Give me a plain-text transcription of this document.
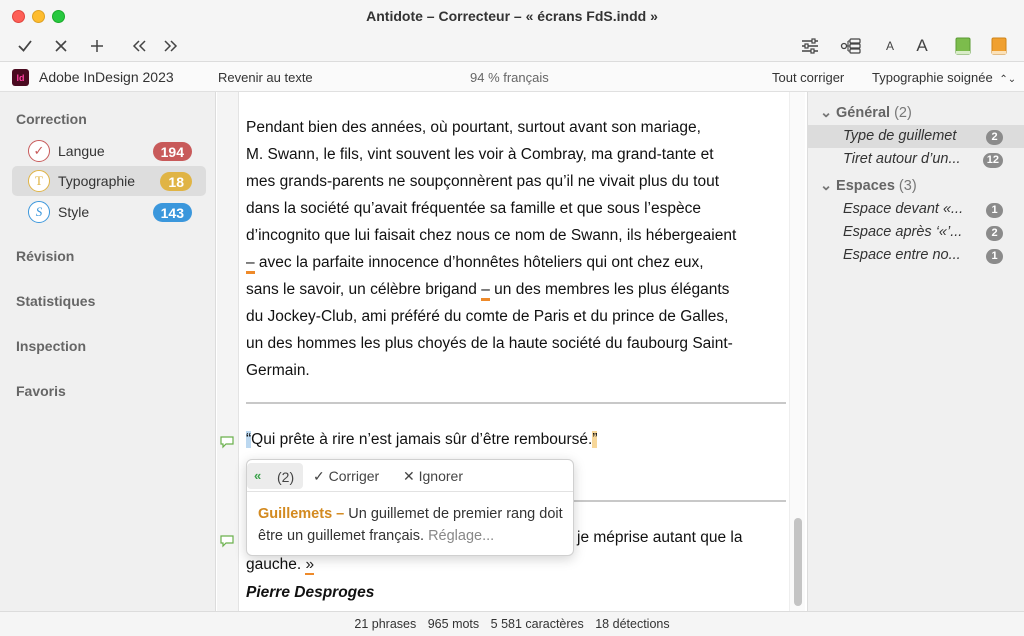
Antidote – Correcteur – « écrans FdS.indd »
A A
Id	Adobe InDesign 2023	Revenir au texte	94 % français	Tout corriger Typographie soignée ⌃⌄
Correction
✓ Langue	194
T	Typographie	18
S	Style	143
Révision
Statistiques
Inspection
Favoris
Pendant bien des années, où pourtant, surtout avant son mariage,
M. Swann, le fils, vint souvent les voir à Combray, ma grand-tante et
mes grands-parents ne soupçonnèrent pas qu’il ne vivait plus du tout
dans la société qu’avait fréquentée sa famille et que sous l’espèce
d’incognito que lui faisait chez nous ce nom de Swann, ils hébergeaient
– avec la parfaite innocence d’honnêtes hôteliers qui ont chez eux,
sans le savoir, un célèbre brigand – un des membres les plus élégants
du Jockey-Club, ami préféré du comte de Paris et du prince de Galles,
un des hommes les plus choyés de la haute société du faubourg Saint-
Germain.
“Qui prête à rire n’est jamais sûr d’être remboursé.”
je méprise autant que la
gauche. »
Pierre Desproges
« (2) ✓ Corriger ✕ Ignorer
Guillemets – Un guillemet de premier rang doit être un guillemet français. Réglage...
⌄ Général (2)
Type de guillemet	2
Tiret autour d’un...	12
⌄ Espaces (3)
Espace devant «...	1
Espace après ‘«’...	2
Espace entre no...	1
21 phrases 965 mots 5 581 caractères 18 détections
